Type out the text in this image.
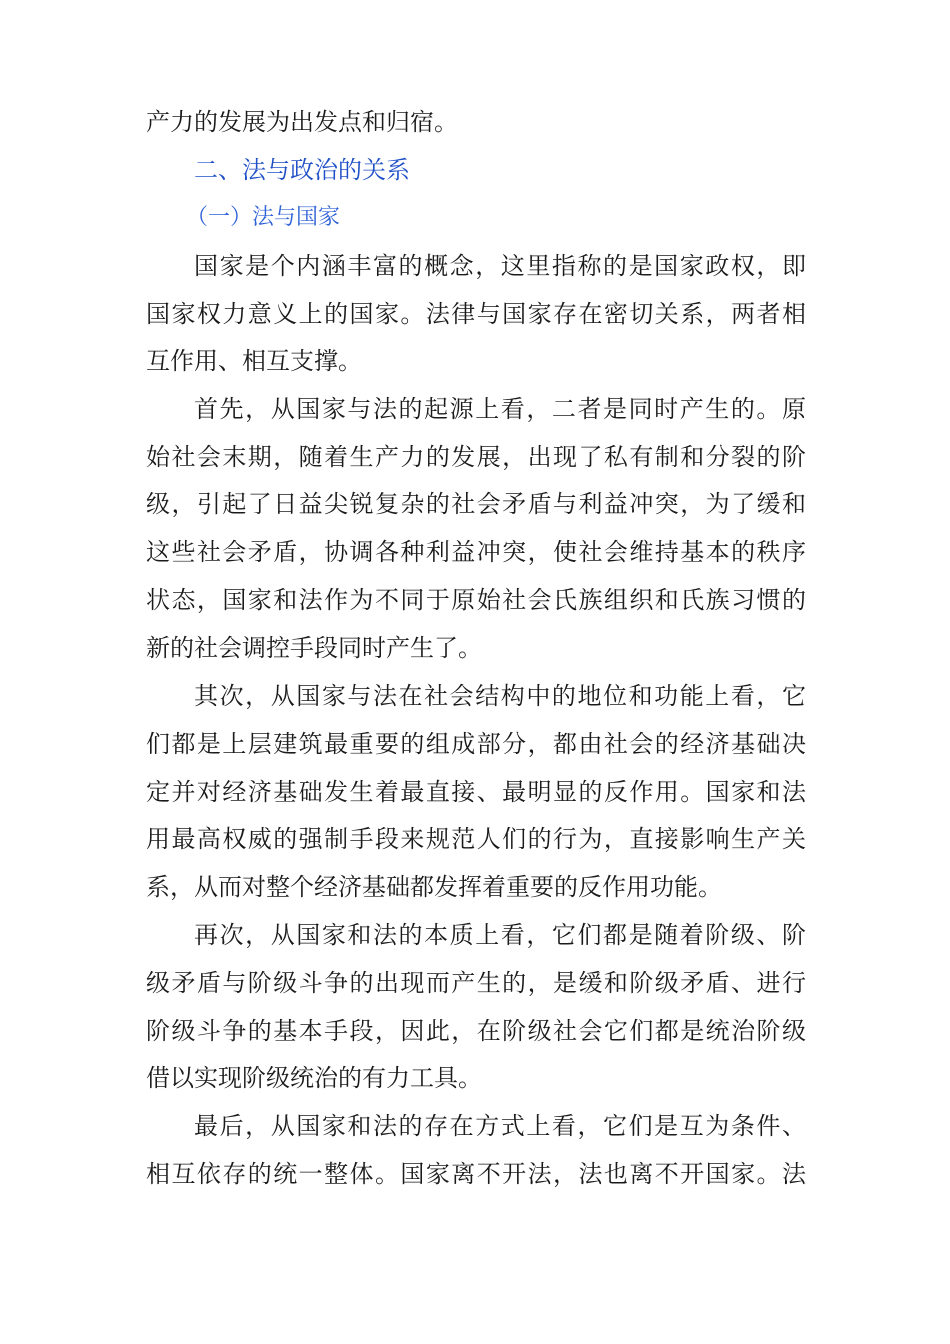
产力的发展为出发点和归宿。
二、法与政治的关系
（一）法与国家
国家是个内涵丰富的概念，这里指称的是国家政权，即
国家权力意义上的国家。法律与国家存在密切关系，两者相
互作用、相互支撑。
首先，从国家与法的起源上看，二者是同时产生的。原
始社会末期，随着生产力的发展，出现了私有制和分裂的阶
级，引起了日益尖锐复杂的社会矛盾与利益冲突，为了缓和
这些社会矛盾，协调各种利益冲突，使社会维持基本的秩序
状态，国家和法作为不同于原始社会氏族组织和氏族习惯的
新的社会调控手段同时产生了。
其次，从国家与法在社会结构中的地位和功能上看，它
们都是上层建筑最重要的组成部分，都由社会的经济基础决
定并对经济基础发生着最直接、最明显的反作用。国家和法
用最高权威的强制手段来规范人们的行为，直接影响生产关
系，从而对整个经济基础都发挥着重要的反作用功能。
再次，从国家和法的本质上看，它们都是随着阶级、阶
级矛盾与阶级斗争的出现而产生的，是缓和阶级矛盾、进行
阶级斗争的基本手段，因此，在阶级社会它们都是统治阶级
借以实现阶级统治的有力工具。
最后，从国家和法的存在方式上看，它们是互为条件、
相互依存的统一整体。国家离不开法，法也离不开国家。法
